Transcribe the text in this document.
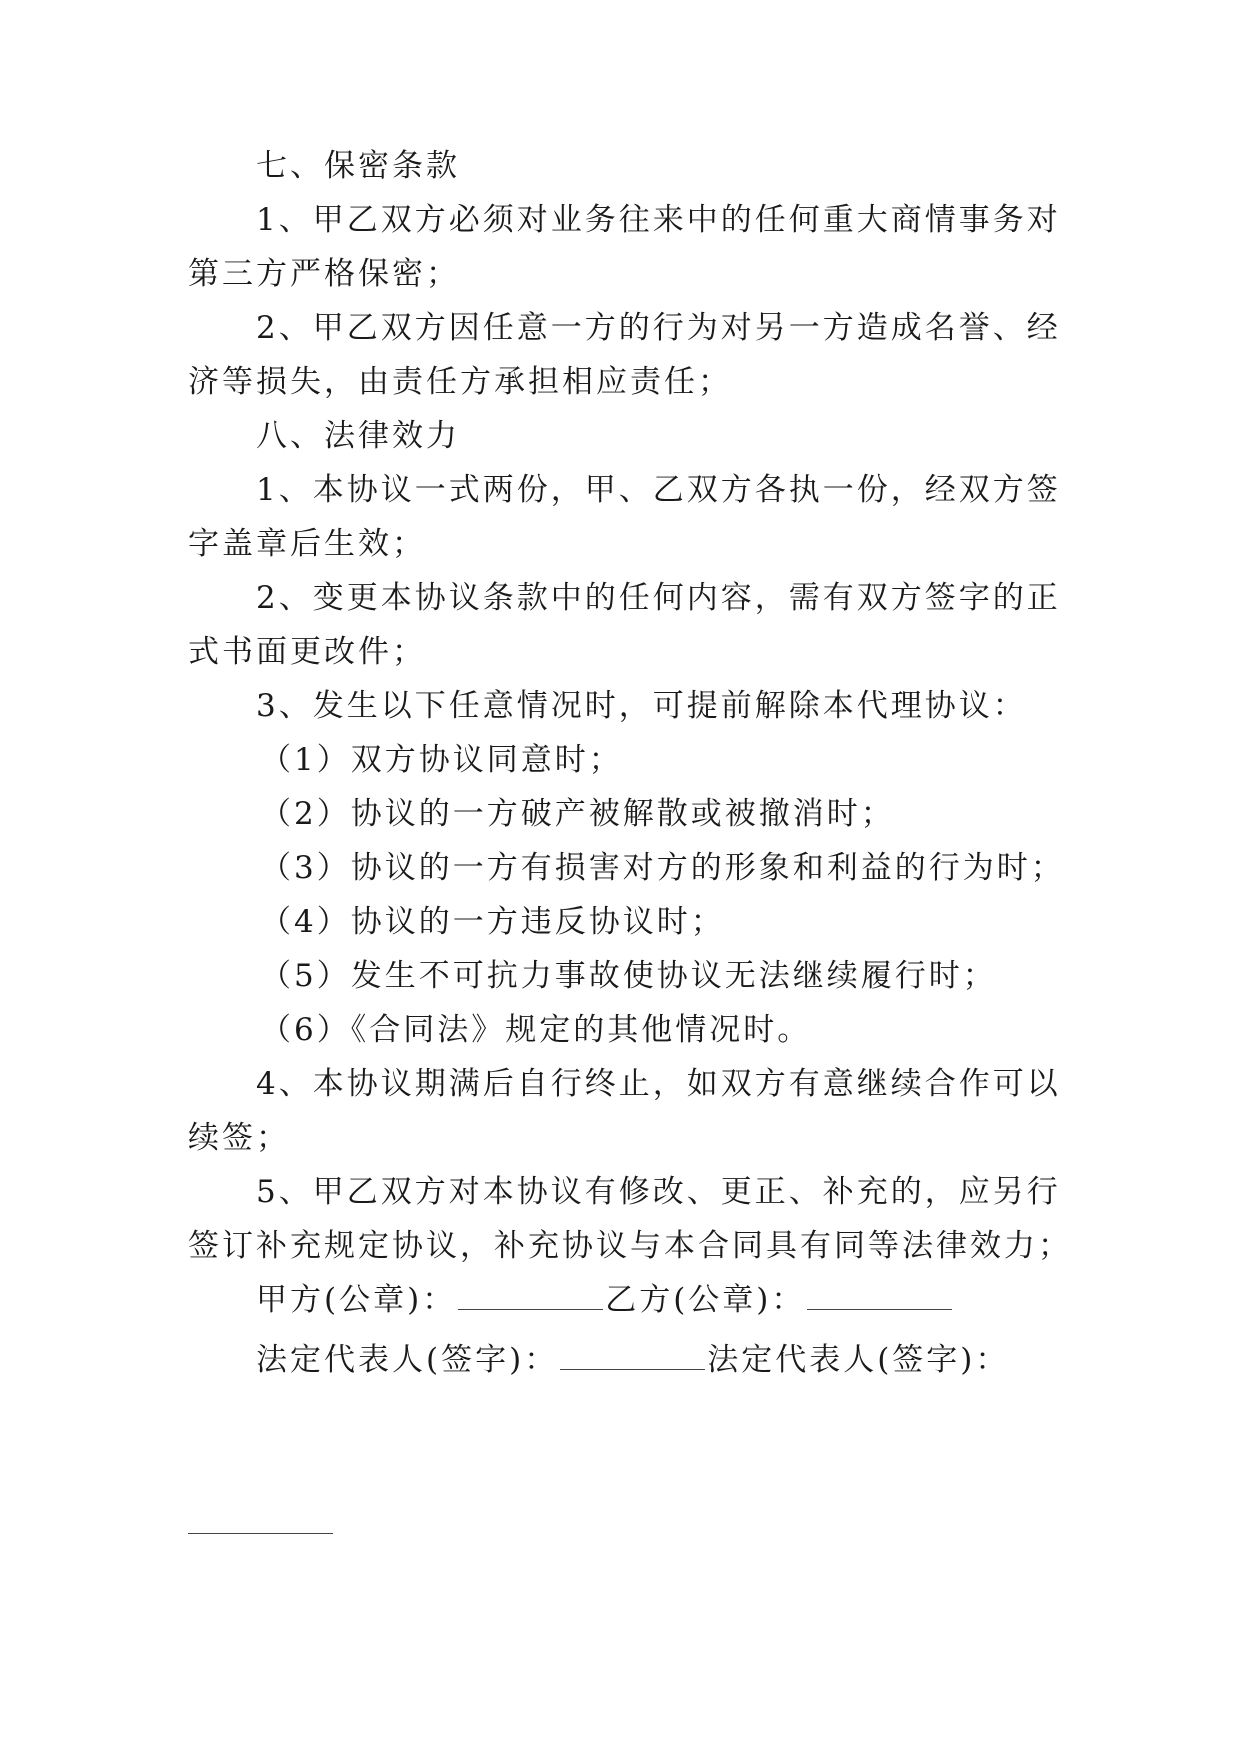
七、保密条款
1、甲乙双方必须对业务往来中的任何重大商情事务对
第三方严格保密；
2、甲乙双方因任意一方的行为对另一方造成名誉、经
济等损失，由责任方承担相应责任；
八、法律效力
1、本协议一式两份，甲、乙双方各执一份，经双方签
字盖章后生效；
2、变更本协议条款中的任何内容，需有双方签字的正
式书面更改件；
3、发生以下任意情况时，可提前解除本代理协议：
（1）双方协议同意时；
（2）协议的一方破产被解散或被撤消时；
（3）协议的一方有损害对方的形象和利益的行为时；
（4）协议的一方违反协议时；
（5）发生不可抗力事故使协议无法继续履行时；
（6）《合同法》规定的其他情况时。
4、本协议期满后自行终止，如双方有意继续合作可以
续签；
5、甲乙双方对本协议有修改、更正、补充的，应另行
签订补充规定协议，补充协议与本合同具有同等法律效力；
甲方(公章)：	乙方(公章)：
法定代表人(签字)：	法定代表人(签字)：
